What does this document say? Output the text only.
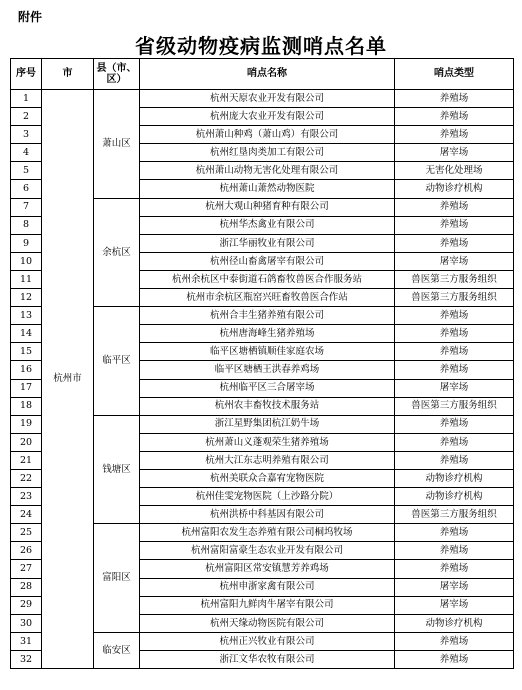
附件
省级动物疫病监测哨点名单
序号	市	县（市、区）	哨点名称	哨点类型
1	杭州市	萧山区	杭州天原农业开发有限公司	养殖场
2			杭州庞大农业开发有限公司	养殖场
3			杭州萧山种鸡（萧山鸡）有限公司	养殖场
4			杭州红垦肉类加工有限公司	屠宰场
5			杭州萧山动物无害化处理有限公司	无害化处理场
6			杭州萧山萧然动物医院	动物诊疗机构
7		余杭区	杭州大观山种猪育种有限公司	养殖场
8			杭州华杰禽业有限公司	养殖场
9			浙江华丽牧业有限公司	养殖场
10			杭州径山畜禽屠宰有限公司	屠宰场
11			杭州余杭区中泰街道石鸽畜牧兽医合作服务站	兽医第三方服务组织
12			杭州市余杭区瓶窑兴旺畜牧兽医合作站	兽医第三方服务组织
13		临平区	杭州合丰生猪养殖有限公司	养殖场
14			杭州唐海峰生猪养殖场	养殖场
15			临平区塘栖镇顺佳家庭农场	养殖场
16			临平区塘栖王洪春养鸡场	养殖场
17			杭州临平区三合屠宰场	屠宰场
18			杭州农丰畜牧技术服务站	兽医第三方服务组织
19		钱塘区	浙江星野集团杭江奶牛场	养殖场
20			杭州萧山义蓬观荣生猪养殖场	养殖场
21			杭州大江东志明养殖有限公司	养殖场
22			杭州美联众合嘉宥宠物医院	动物诊疗机构
23			杭州佳雯宠物医院（上沙路分院）	动物诊疗机构
24			杭州洪桥中科基因有限公司	兽医第三方服务组织
25		富阳区	杭州富阳农发生态养殖有限公司桐坞牧场	养殖场
26			杭州富阳富豪生态农业开发有限公司	养殖场
27			杭州富阳区常安镇慧芳养鸡场	养殖场
28			杭州申浙家禽有限公司	屠宰场
29			杭州富阳九鲜肉牛屠宰有限公司	屠宰场
30			杭州天缘动物医院有限公司	动物诊疗机构
31		临安区	杭州正兴牧业有限公司	养殖场
32			浙江文华农牧有限公司	养殖场
